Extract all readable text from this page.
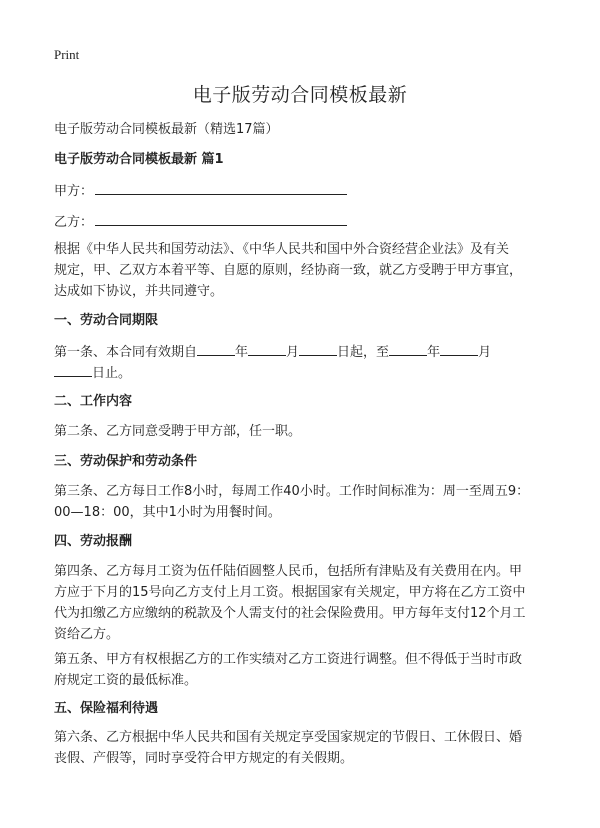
Print
电子版劳动合同模板最新
电子版劳动合同模板最新（精选17篇）
电子版劳动合同模板最新 篇1
甲方：
乙方：
根据《中华人民共和国劳动法》、《中华人民共和国中外合资经营企业法》及有关
规定，甲、乙双方本着平等、自愿的原则，经协商一致，就乙方受聘于甲方事宜，
达成如下协议，并共同遵守。
一、劳动合同期限
第一条、本合同有效期自	年	月	日起，至	年	月
日止。
二、工作内容
第二条、乙方同意受聘于甲方部，任一职。
三、劳动保护和劳动条件
第三条、乙方每日工作8小时，每周工作40小时。工作时间标准为：周一至周五9：
00—18：00，其中1小时为用餐时间。
四、劳动报酬
第四条、乙方每月工资为伍仟陆佰圆整人民币，包括所有津贴及有关费用在内。甲
方应于下月的15号向乙方支付上月工资。根据国家有关规定，甲方将在乙方工资中
代为扣缴乙方应缴纳的税款及个人需支付的社会保险费用。甲方每年支付12个月工
资给乙方。
第五条、甲方有权根据乙方的工作实绩对乙方工资进行调整。但不得低于当时市政
府规定工资的最低标准。
五、保险福利待遇
第六条、乙方根据中华人民共和国有关规定享受国家规定的节假日、工休假日、婚
丧假、产假等，同时享受符合甲方规定的有关假期。
